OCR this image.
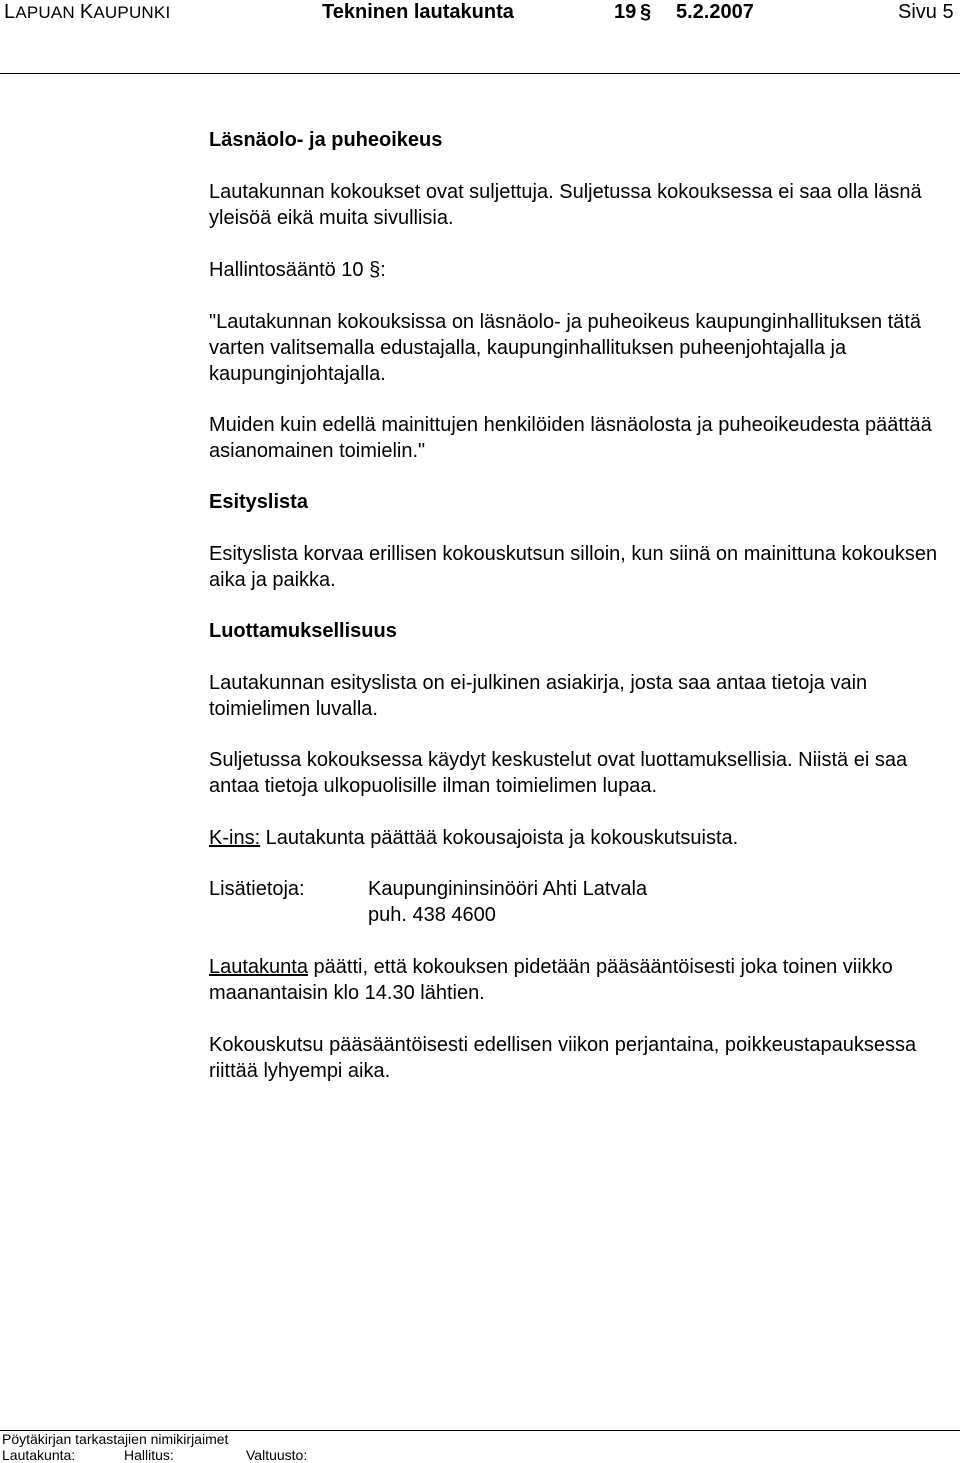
LAPUAN KAUPUNKI	Tekninen lautakunta	19 § 5.2.2007	Sivu 5

Läsnäolo- ja puheoikeus

Lautakunnan kokoukset ovat suljettuja. Suljetussa kokouksessa ei saa olla läsnä yleisöä eikä muita sivullisia.

Hallintosääntö 10 §:

"Lautakunnan kokouksissa on läsnäolo- ja puheoikeus kaupunginhallituksen tätä varten valitsemalla edustajalla, kaupunginhallituksen puheenjohtajalla ja kaupunginjohtajalla.

Muiden kuin edellä mainittujen henkilöiden läsnäolosta ja puheoikeudesta päättää asianomainen toimielin."

Esityslista

Esityslista korvaa erillisen kokouskutsun silloin, kun siinä on mainittuna kokouksen aika ja paikka.

Luottamuksellisuus

Lautakunnan esityslista on ei-julkinen asiakirja, josta saa antaa tietoja vain toimielimen luvalla.

Suljetussa kokouksessa käydyt keskustelut ovat luottamuksellisia. Niistä ei saa antaa tietoja ulkopuolisille ilman toimielimen lupaa.

K-ins: Lautakunta päättää kokousajoista ja kokouskutsuista.

Lisätietoja:	Kaupungininsinööri Ahti Latvala
puh. 438 4600

Lautakunta päätti, että kokouksen pidetään pääsääntöisesti joka toinen viikko maanantaisin klo 14.30 lähtien.

Kokouskutsu pääsääntöisesti edellisen viikon perjantaina, poikkeustapauksessa riittää lyhyempi aika.

Pöytäkirjan tarkastajien nimikirjaimet
Lautakunta:	Hallitus:	Valtuusto:
